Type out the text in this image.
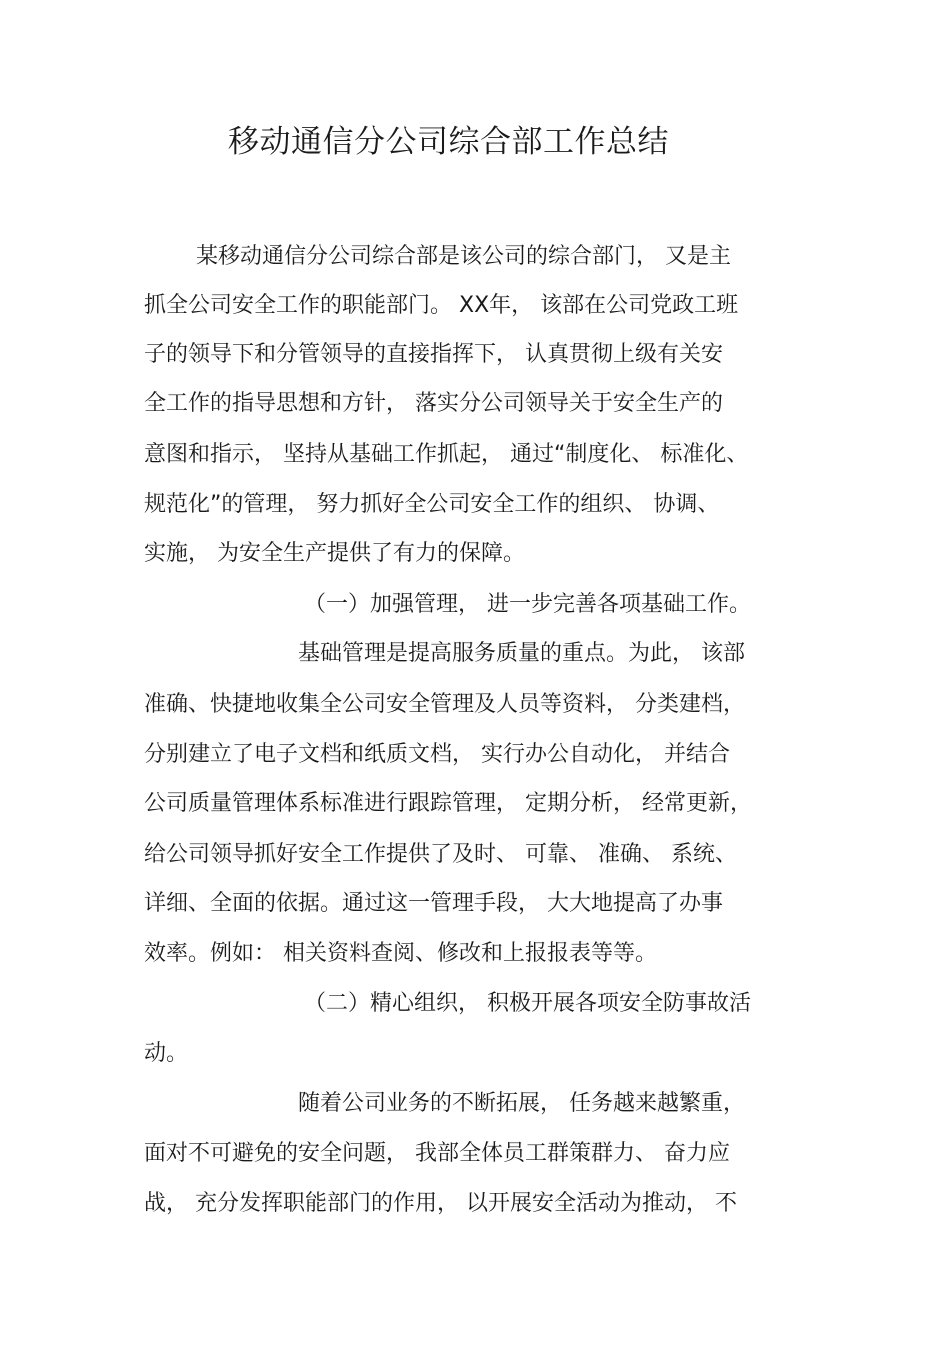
移动通信分公司综合部工作总结
某移动通信分公司综合部是该公司的综合部门， 又是主
抓全公司安全工作的职能部门。 XX年， 该部在公司党政工班
子的领导下和分管领导的直接指挥下， 认真贯彻上级有关安
全工作的指导思想和方针， 落实分公司领导关于安全生产的
意图和指示， 坚持从基础工作抓起， 通过“制度化、 标准化、
规范化”的管理， 努力抓好全公司安全工作的组织、 协调、
实施， 为安全生产提供了有力的保障。
（一）加强管理， 进一步完善各项基础工作。
基础管理是提高服务质量的重点。为此， 该部
准确、快捷地收集全公司安全管理及人员等资料， 分类建档，
分别建立了电子文档和纸质文档， 实行办公自动化， 并结合
公司质量管理体系标准进行跟踪管理， 定期分析， 经常更新，
给公司领导抓好安全工作提供了及时、 可靠、 准确、 系统、
详细、全面的依据。通过这一管理手段， 大大地提高了办事
效率。例如： 相关资料查阅、修改和上报报表等等。
（二）精心组织， 积极开展各项安全防事故活
动。
随着公司业务的不断拓展， 任务越来越繁重，
面对不可避免的安全问题， 我部全体员工群策群力、 奋力应
战， 充分发挥职能部门的作用， 以开展安全活动为推动， 不
